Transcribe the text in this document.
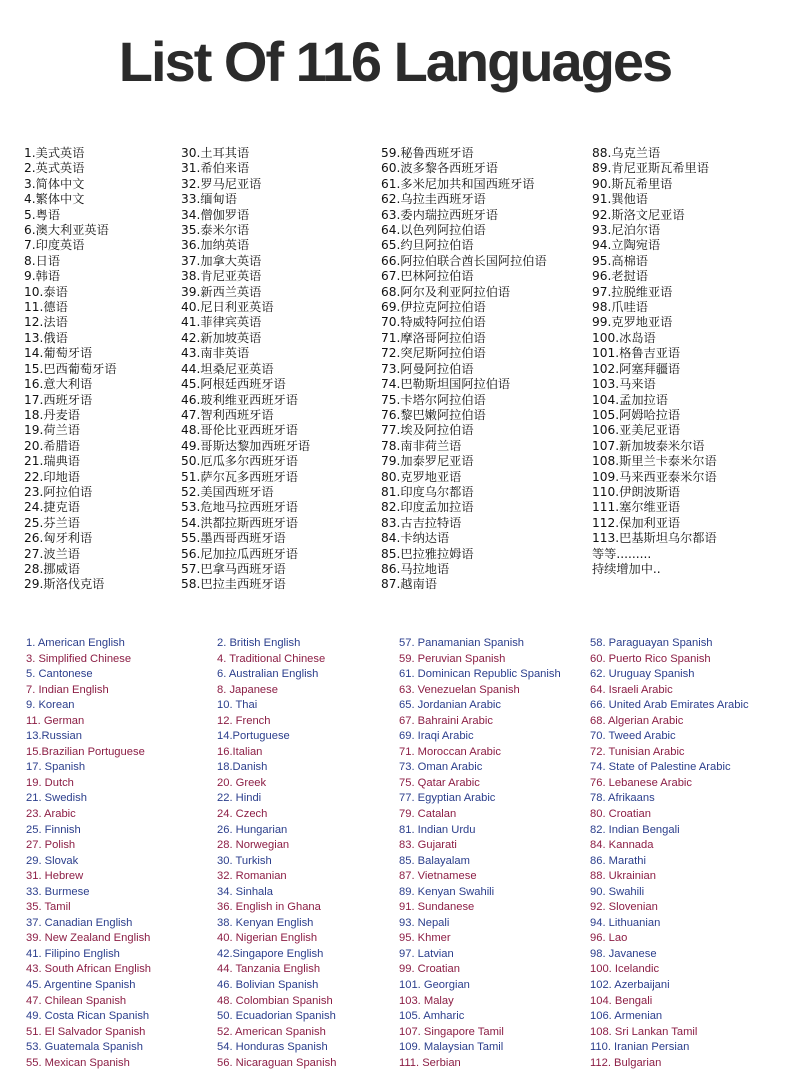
List Of 116 Languages
1.美式英语
2.英式英语
3.简体中文
4.繁体中文
5.粤语
6.澳大利亚英语
7.印度英语
8.日语
9.韩语
10.泰语
11.德语
12.法语
13.俄语
14.葡萄牙语
15.巴西葡萄牙语
16.意大利语
17.西班牙语
18.丹麦语
19.荷兰语
20.希腊语
21.瑞典语
22.印地语
23.阿拉伯语
24.捷克语
25.芬兰语
26.匈牙利语
27.波兰语
28.挪威语
29.斯洛伐克语
30.土耳其语
31.希伯来语
32.罗马尼亚语
33.缅甸语
34.僧伽罗语
35.泰米尔语
36.加纳英语
37.加拿大英语
38.肯尼亚英语
39.新西兰英语
40.尼日利亚英语
41.菲律宾英语
42.新加坡英语
43.南非英语
44.坦桑尼亚英语
45.阿根廷西班牙语
46.玻利维亚西班牙语
47.智利西班牙语
48.哥伦比亚西班牙语
49.哥斯达黎加西班牙语
50.厄瓜多尔西班牙语
51.萨尔瓦多西班牙语
52.美国西班牙语
53.危地马拉西班牙语
54.洪都拉斯西班牙语
55.墨西哥西班牙语
56.尼加拉瓜西班牙语
57.巴拿马西班牙语
58.巴拉圭西班牙语
59.秘鲁西班牙语
60.波多黎各西班牙语
61.多米尼加共和国西班牙语
62.乌拉圭西班牙语
63.委内瑞拉西班牙语
64.以色列阿拉伯语
65.约旦阿拉伯语
66.阿拉伯联合酋长国阿拉伯语
67.巴林阿拉伯语
68.阿尔及利亚阿拉伯语
69.伊拉克阿拉伯语
70.特威特阿拉伯语
71.摩洛哥阿拉伯语
72.突尼斯阿拉伯语
73.阿曼阿拉伯语
74.巴勒斯坦国阿拉伯语
75.卡塔尔阿拉伯语
76.黎巴嫩阿拉伯语
77.埃及阿拉伯语
78.南非荷兰语
79.加泰罗尼亚语
80.克罗地亚语
81.印度乌尔都语
82.印度孟加拉语
83.古吉拉特语
84.卡纳达语
85.巴拉雅拉姆语
86.马拉地语
87.越南语
88.乌克兰语
89.肯尼亚斯瓦希里语
90.斯瓦希里语
91.巽他语
92.斯洛文尼亚语
93.尼泊尔语
94.立陶宛语
95.高棉语
96.老挝语
97.拉脱维亚语
98.爪哇语
99.克罗地亚语
100.冰岛语
101.格鲁吉亚语
102.阿塞拜疆语
103.马来语
104.孟加拉语
105.阿姆哈拉语
106.亚美尼亚语
107.新加坡泰米尔语
108.斯里兰卡泰米尔语
109.马来西亚泰米尔语
110.伊朗波斯语
111.塞尔维亚语
112.保加利亚语
113.巴基斯坦乌尔都语
等等.........
持续增加中..
1. American English
3. Simplified Chinese
5. Cantonese
7. Indian English
9. Korean
11. German
13.Russian
15.Brazilian Portuguese
17. Spanish
19. Dutch
21. Swedish
23. Arabic
25. Finnish
27. Polish
29. Slovak
31. Hebrew
33. Burmese
35. Tamil
37. Canadian English
39. New Zealand English
41. Filipino English
43. South African English
45. Argentine Spanish
47. Chilean Spanish
49. Costa Rican Spanish
51. El Salvador Spanish
53. Guatemala Spanish
55. Mexican Spanish
2. British English
4. Traditional Chinese
6. Australian English
8. Japanese
10. Thai
12. French
14.Portuguese
16.Italian
18.Danish
20. Greek
22. Hindi
24. Czech
26. Hungarian
28. Norwegian
30. Turkish
32. Romanian
34. Sinhala
36. English in Ghana
38. Kenyan English
40. Nigerian English
42.Singapore English
44. Tanzania English
46. Bolivian Spanish
48. Colombian Spanish
50. Ecuadorian Spanish
52. American Spanish
54. Honduras Spanish
56. Nicaraguan Spanish
57. Panamanian Spanish
59. Peruvian Spanish
61. Dominican Republic Spanish
63. Venezuelan Spanish
65. Jordanian Arabic
67. Bahraini Arabic
69. Iraqi Arabic
71. Moroccan Arabic
73. Oman Arabic
75. Qatar Arabic
77. Egyptian Arabic
79. Catalan
81. Indian Urdu
83. Gujarati
85. Balayalam
87. Vietnamese
89. Kenyan Swahili
91. Sundanese
93. Nepali
95. Khmer
97. Latvian
99. Croatian
101. Georgian
103. Malay
105. Amharic
107. Singapore Tamil
109. Malaysian Tamil
111. Serbian
58. Paraguayan Spanish
60. Puerto Rico Spanish
62. Uruguay Spanish
64. Israeli Arabic
66. United Arab Emirates Arabic
68. Algerian Arabic
70. Tweed Arabic
72. Tunisian Arabic
74. State of Palestine Arabic
76. Lebanese Arabic
78. Afrikaans
80. Croatian
82. Indian Bengali
84. Kannada
86. Marathi
88. Ukrainian
90. Swahili
92. Slovenian
94. Lithuanian
96. Lao
98. Javanese
100. Icelandic
102. Azerbaijani
104. Bengali
106. Armenian
108. Sri Lankan Tamil
110. Iranian Persian
112. Bulgarian
